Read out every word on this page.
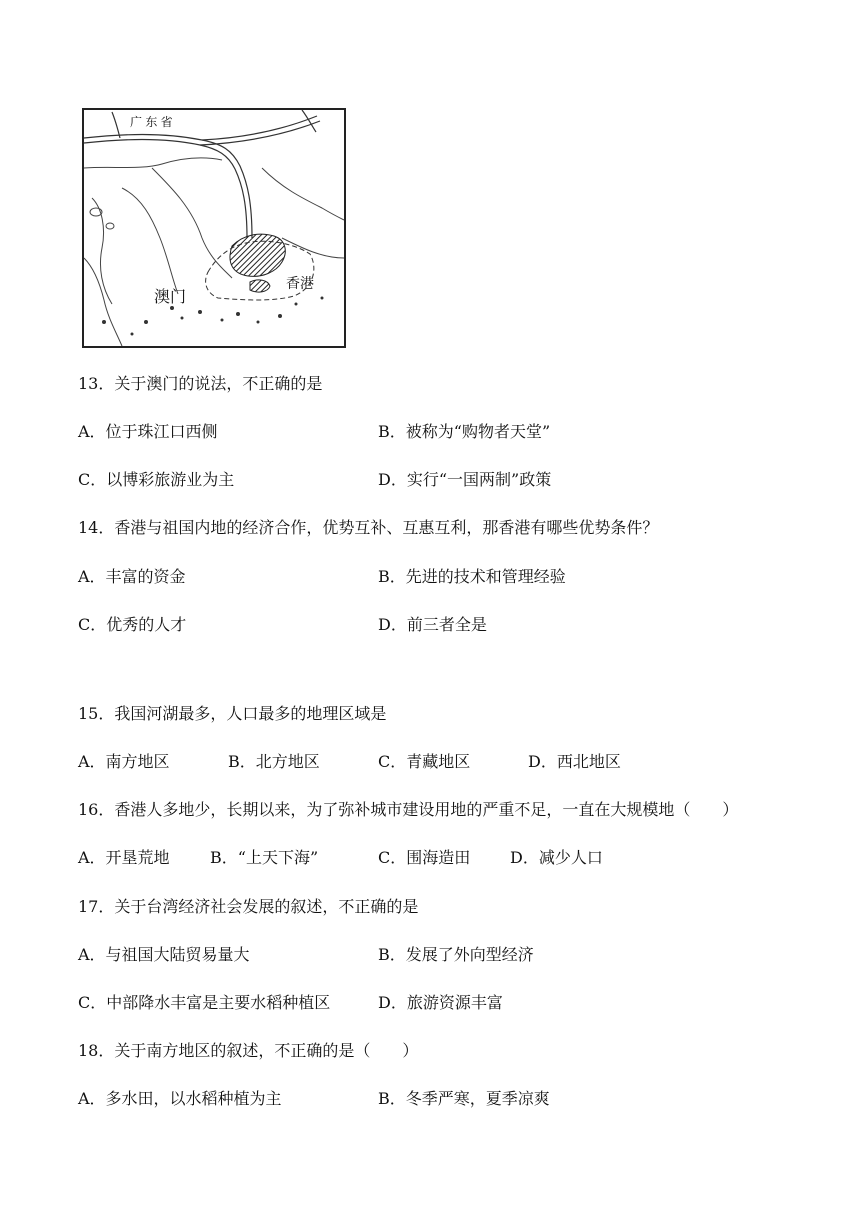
广 东 省
澳门
香港
13．关于澳门的说法，不正确的是
A．位于珠江口西侧	B．被称为“购物者天堂”
C．以博彩旅游业为主	D．实行“一国两制”政策
14．香港与祖国内地的经济合作，优势互补、互惠互利，那香港有哪些优势条件？
A．丰富的资金	B．先进的技术和管理经验
C．优秀的人才	D．前三者全是
15．我国河湖最多，人口最多的地理区域是
A．南方地区	B．北方地区	C．青藏地区	D．西北地区
16．香港人多地少，长期以来，为了弥补城市建设用地的严重不足，一直在大规模地（　　）
A．开垦荒地	B．“上天下海”	C．围海造田 D．减少人口
17．关于台湾经济社会发展的叙述，不正确的是
A．与祖国大陆贸易量大	B．发展了外向型经济
C．中部降水丰富是主要水稻种植区	D．旅游资源丰富
18．关于南方地区的叙述，不正确的是（　　）
A．多水田，以水稻种植为主	B．冬季严寒，夏季凉爽
